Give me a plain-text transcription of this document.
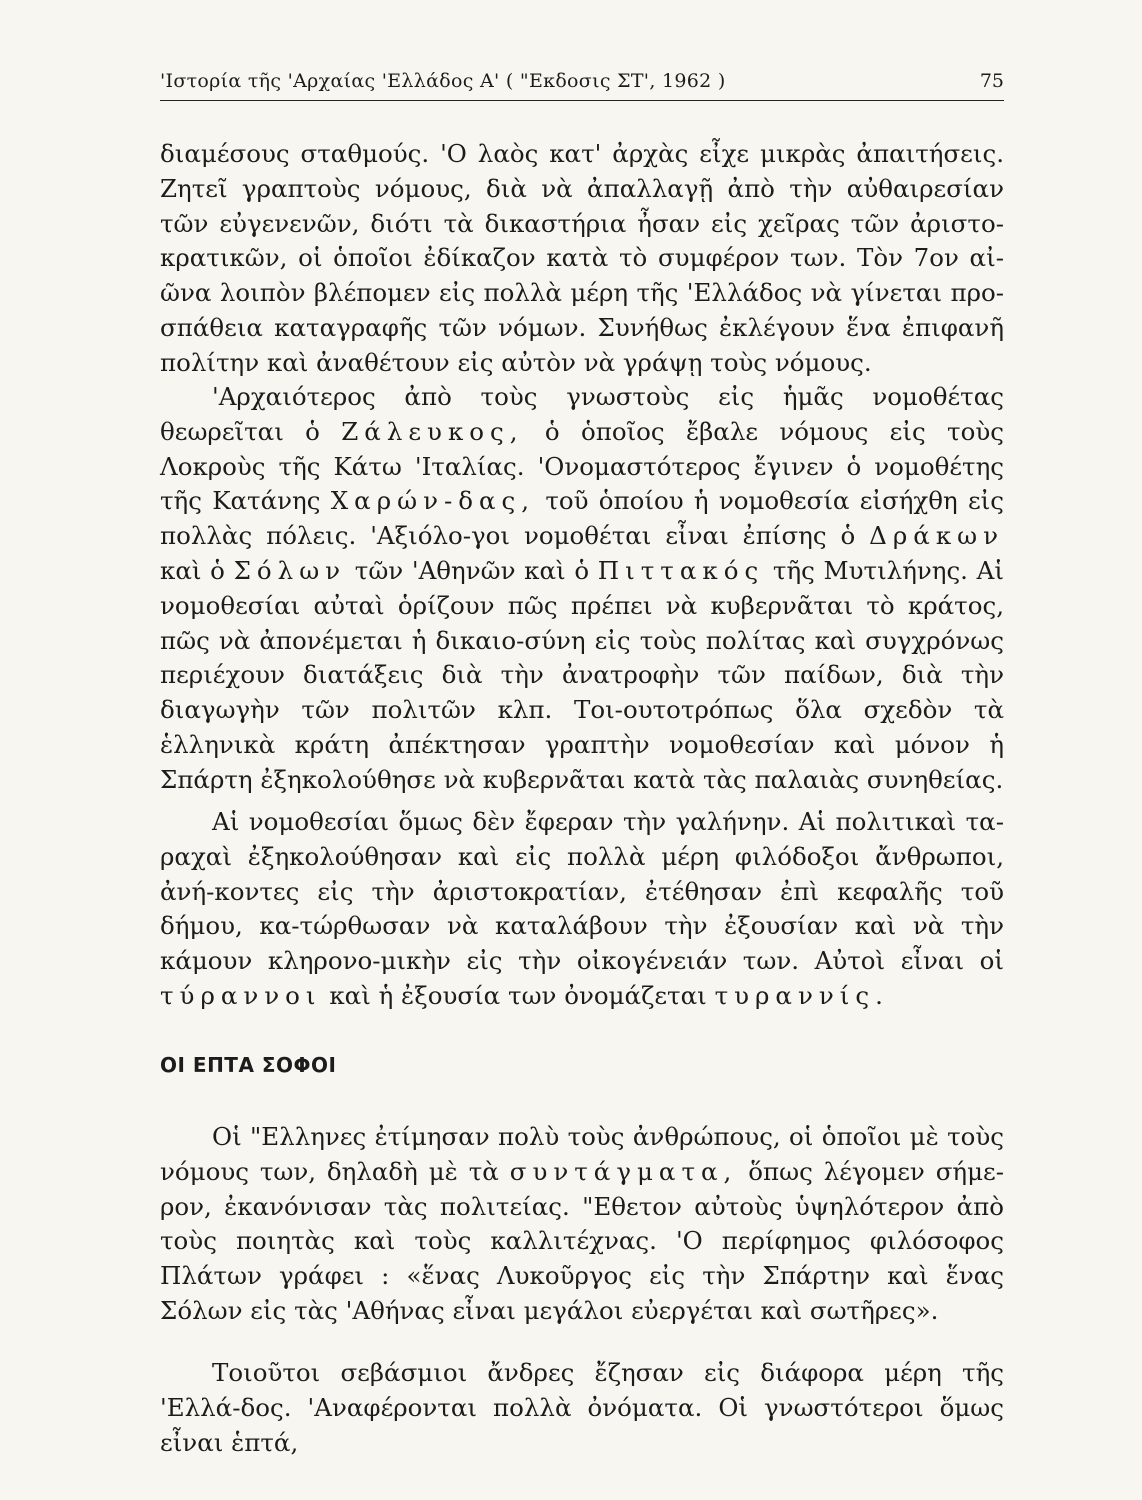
'Ιστορία τῆς 'Αρχαίας 'Ελλάδος Α' ( "Εκδοσις ΣΤ', 1962 )	75

διαμέσους σταθμούς. 'Ο λαὸς κατ' ἀρχὰς εἶχε μικρὰς ἀπαιτήσεις. Ζητεῖ γραπτοὺς νόμους, διὰ νὰ ἀπαλλαγῇ ἀπὸ τὴν αὐθαιρεσίαν τῶν εὐγενενῶν, διότι τὰ δικαστήρια ἦσαν εἰς χεῖρας τῶν ἀριστο-κρατικῶν, οἱ ὁποῖοι ἐδίκαζον κατὰ τὸ συμφέρον των. Τὸν 7ον αἰ-ῶνα λοιπὸν βλέπομεν εἰς πολλὰ μέρη τῆς 'Ελλάδος νὰ γίνεται προ-σπάθεια καταγραφῆς τῶν νόμων. Συνήθως ἐκλέγουν ἕνα ἐπιφανῆ πολίτην καὶ ἀναθέτουν εἰς αὐτὸν νὰ γράψῃ τοὺς νόμους.

'Αρχαιότερος ἀπὸ τοὺς γνωστοὺς εἰς ἡμᾶς νομοθέτας θεωρεῖται ὁ Ζάλευκος, ὁ ὁποῖος ἔβαλε νόμους εἰς τοὺς Λοκροὺς τῆς Κάτω 'Ιταλίας. 'Ονομαστότερος ἔγινεν ὁ νομοθέτης τῆς Κατάνης Χαρών-δας, τοῦ ὁποίου ἡ νομοθεσία εἰσήχθη εἰς πολλὰς πόλεις. 'Αξιόλο-γοι νομοθέται εἶναι ἐπίσης ὁ Δράκων καὶ ὁ Σόλων τῶν 'Αθηνῶν καὶ ὁ Πιττακός τῆς Μυτιλήνης. Αἱ νομοθεσίαι αὐταὶ ὁρίζουν πῶς πρέπει νὰ κυβερνᾶται τὸ κράτος, πῶς νὰ ἀπονέμεται ἡ δικαιο-σύνη εἰς τοὺς πολίτας καὶ συγχρόνως περιέχουν διατάξεις διὰ τὴν ἀνατροφὴν τῶν παίδων, διὰ τὴν διαγωγὴν τῶν πολιτῶν κλπ. Τοι-ουτοτρόπως ὅλα σχεδὸν τὰ ἑλληνικὰ κράτη ἀπέκτησαν γραπτὴν νομοθεσίαν καὶ μόνον ἡ Σπάρτη ἐξηκολούθησε νὰ κυβερνᾶται κατὰ τὰς παλαιὰς συνηθείας.

Αἱ νομοθεσίαι ὅμως δὲν ἔφεραν τὴν γαλήνην. Αἱ πολιτικαὶ τα-ραχαὶ ἐξηκολούθησαν καὶ εἰς πολλὰ μέρη φιλόδοξοι ἄνθρωποι, ἀνή-κοντες εἰς τὴν ἀριστοκρατίαν, ἐτέθησαν ἐπὶ κεφαλῆς τοῦ δήμου, κα-τώρθωσαν νὰ καταλάβουν τὴν ἐξουσίαν καὶ νὰ τὴν κάμουν κληρονο-μικὴν εἰς τὴν οἰκογένειάν των. Αὐτοὶ εἶναι οἱ τύραννοι καὶ ἡ ἐξουσία των ὀνομάζεται τυραννίς.

ΟΙ ΕΠΤΑ ΣΟΦΟΙ

Οἱ "Ελληνες ἐτίμησαν πολὺ τοὺς ἀνθρώπους, οἱ ὁποῖοι μὲ τοὺς νόμους των, δηλαδὴ μὲ τὰ συντάγματα, ὅπως λέγομεν σήμε-ρον, ἐκανόνισαν τὰς πολιτείας. "Εθετον αὐτοὺς ὑψηλότερον ἀπὸ τοὺς ποιητὰς καὶ τοὺς καλλιτέχνας. 'Ο περίφημος φιλόσοφος Πλάτων γράφει : «ἕνας Λυκοῦργος εἰς τὴν Σπάρτην καὶ ἕνας Σόλων εἰς τὰς 'Αθήνας εἶναι μεγάλοι εὐεργέται καὶ σωτῆρες».

Τοιοῦτοι σεβάσμιοι ἄνδρες ἔζησαν εἰς διάφορα μέρη τῆς 'Ελλά-δος. 'Αναφέρονται πολλὰ ὀνόματα. Οἱ γνωστότεροι ὅμως εἶναι ἑπτά,
